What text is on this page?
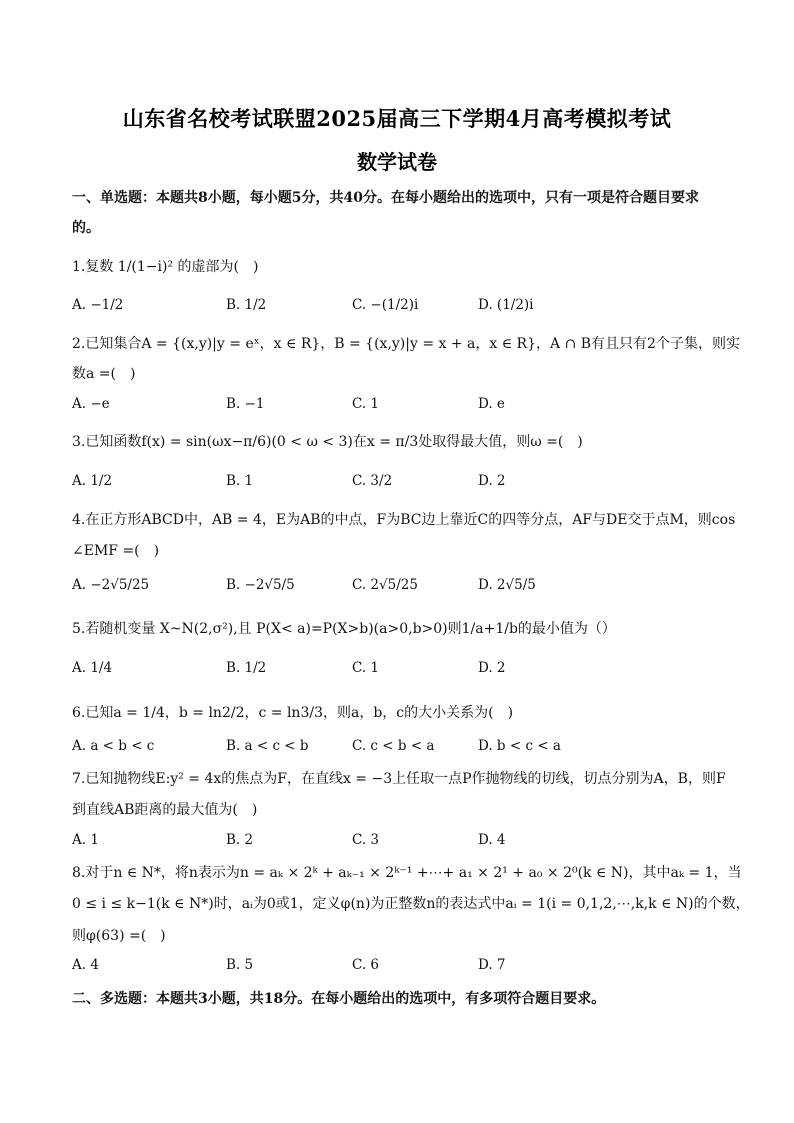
山东省名校考试联盟2025届高三下学期4月高考模拟考试
数学试卷
一、单选题：本题共8小题，每小题5分，共40分。在每小题给出的选项中，只有一项是符合题目要求
的。
1.复数 1/(1−i)² 的虚部为(　)
A. −1/2	B. 1/2	C. −(1/2)i	D. (1/2)i
2.已知集合A = {(x,y)|y = eˣ，x ∈ R}，B = {(x,y)|y = x + a，x ∈ R}，A ∩ B有且只有2个子集，则实
数a =(　)
A. −e	B. −1	C. 1	D. e
3.已知函数f(x) = sin(ωx−π/6)(0 < ω < 3)在x = π/3处取得最大值，则ω =(　)
A. 1/2	B. 1	C. 3/2	D. 2
4.在正方形ABCD中，AB = 4，E为AB的中点，F为BC边上靠近C的四等分点，AF与DE交于点M，则cos
∠EMF =(　)
A. −2√5/25	B. −2√5/5	C. 2√5/25	D. 2√5/5
5.若随机变量 X~N(2,σ²),且 P(X< a)=P(X>b)(a>0,b>0)则1/a+1/b的最小值为（）
A. 1/4	B. 1/2	C. 1	D. 2
6.已知a = 1/4，b = ln2/2，c = ln3/3，则a，b，c的大小关系为(　)
A. a < b < c	B. a < c < b	C. c < b < a	D. b < c < a
7.已知抛物线E:y² = 4x的焦点为F，在直线x = −3上任取一点P作抛物线的切线，切点分别为A，B，则F
到直线AB距离的最大值为(　)
A. 1	B. 2	C. 3	D. 4
8.对于n ∈ N*，将n表示为n = aₖ × 2ᵏ + aₖ₋₁ × 2ᵏ⁻¹ +⋯+ a₁ × 2¹ + a₀ × 2⁰(k ∈ N)，其中aₖ = 1，当
0 ≤ i ≤ k−1(k ∈ N*)时，aᵢ为0或1，定义φ(n)为正整数n的表达式中aᵢ = 1(i = 0,1,2,⋯,k,k ∈ N)的个数，
则φ(63) =(　)
A. 4	B. 5	C. 6	D. 7
二、多选题：本题共3小题，共18分。在每小题给出的选项中，有多项符合题目要求。
